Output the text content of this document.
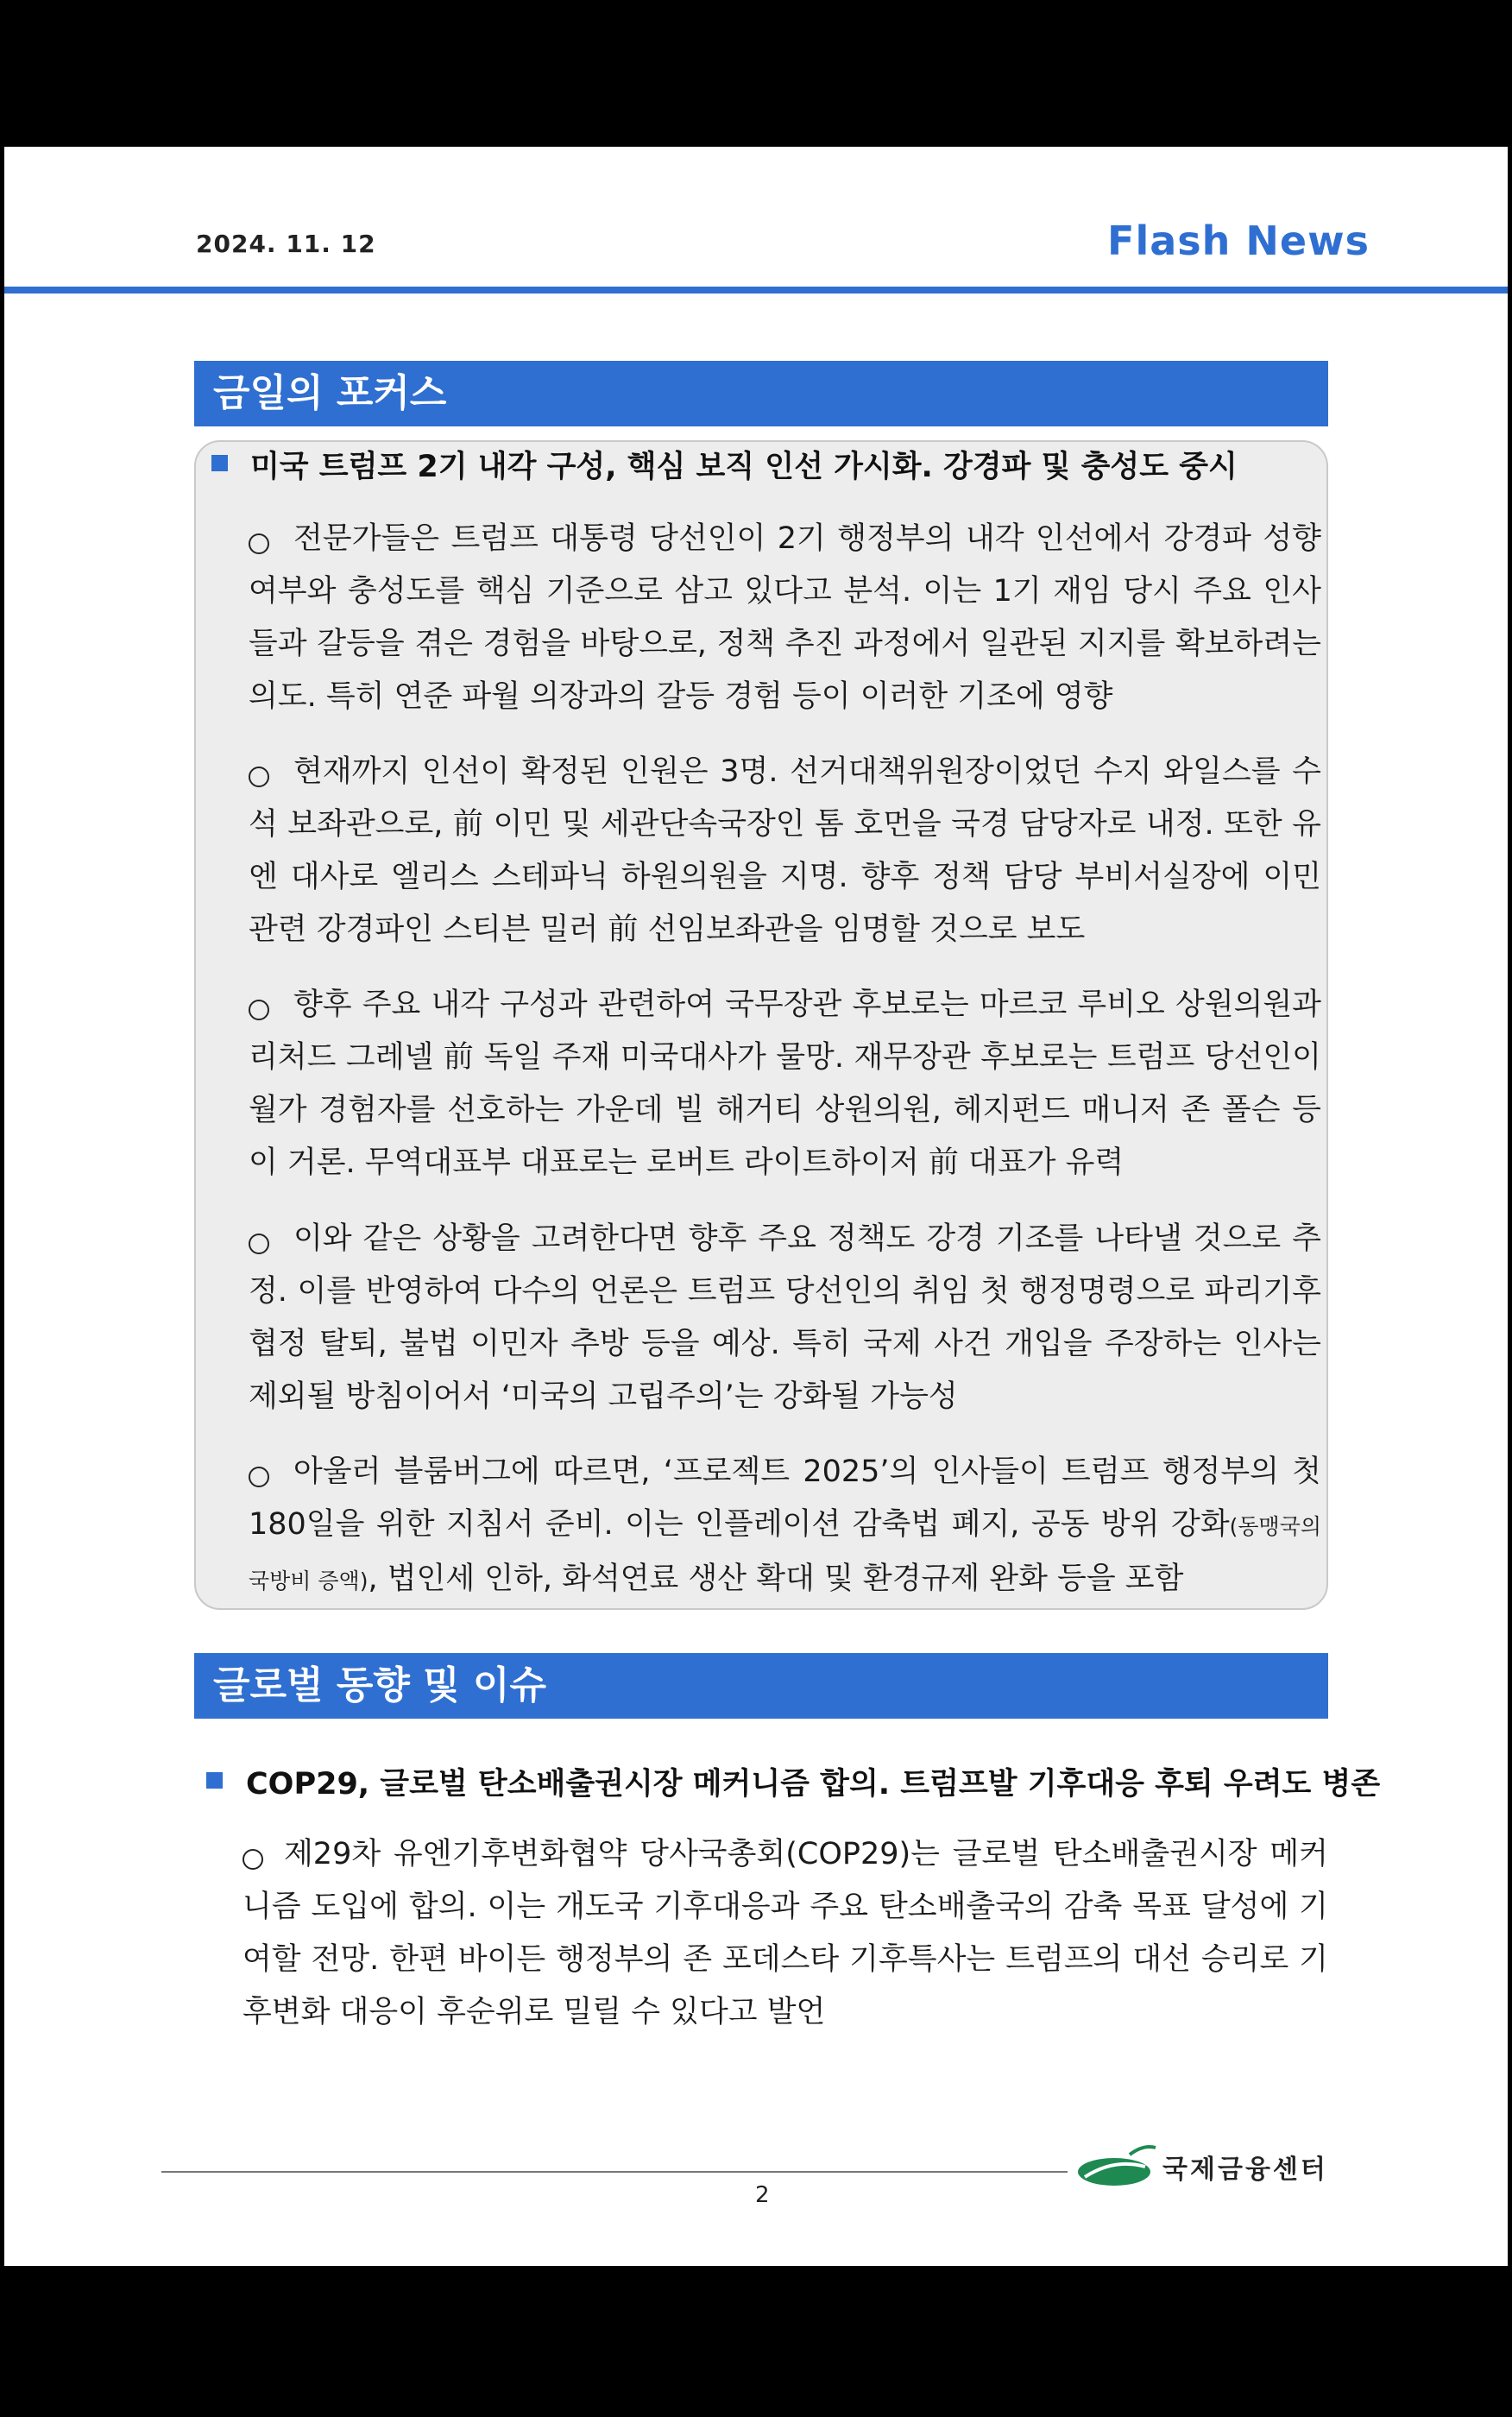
2024. 11. 12	Flash News
금일의 포커스
미국 트럼프 2기 내각 구성, 핵심 보직 인선 가시화. 강경파 및 충성도 중시
전문가들은 트럼프 대통령 당선인이 2기 행정부의 내각 인선에서 강경파 성향 여부와 충성도를 핵심 기준으로 삼고 있다고 분석. 이는 1기 재임 당시 주요 인사들과 갈등을 겪은 경험을 바탕으로, 정책 추진 과정에서 일관된 지지를 확보하려는 의도. 특히 연준 파월 의장과의 갈등 경험 등이 이러한 기조에 영향
현재까지 인선이 확정된 인원은 3명. 선거대책위원장이었던 수지 와일스를 수석 보좌관으로, 前 이민 및 세관단속국장인 톰 호먼을 국경 담당자로 내정. 또한 유엔 대사로 엘리스 스테파닉 하원의원을 지명. 향후 정책 담당 부비서실장에 이민 관련 강경파인 스티븐 밀러 前 선임보좌관을 임명할 것으로 보도
향후 주요 내각 구성과 관련하여 국무장관 후보로는 마르코 루비오 상원의원과 리처드 그레넬 前 독일 주재 미국대사가 물망. 재무장관 후보로는 트럼프 당선인이 월가 경험자를 선호하는 가운데 빌 해거티 상원의원, 헤지펀드 매니저 존 폴슨 등이 거론. 무역대표부 대표로는 로버트 라이트하이저 前 대표가 유력
이와 같은 상황을 고려한다면 향후 주요 정책도 강경 기조를 나타낼 것으로 추정. 이를 반영하여 다수의 언론은 트럼프 당선인의 취임 첫 행정명령으로 파리기후협정 탈퇴, 불법 이민자 추방 등을 예상. 특히 국제 사건 개입을 주장하는 인사는 제외될 방침이어서 ‘미국의 고립주의’는 강화될 가능성
아울러 블룸버그에 따르면, ‘프로젝트 2025’의 인사들이 트럼프 행정부의 첫 180일을 위한 지침서 준비. 이는 인플레이션 감축법 폐지, 공동 방위 강화(동맹국의 국방비 증액), 법인세 인하, 화석연료 생산 확대 및 환경규제 완화 등을 포함
글로벌 동향 및 이슈
COP29, 글로벌 탄소배출권시장 메커니즘 합의. 트럼프발 기후대응 후퇴 우려도 병존
제29차 유엔기후변화협약 당사국총회(COP29)는 글로벌 탄소배출권시장 메커니즘 도입에 합의. 이는 개도국 기후대응과 주요 탄소배출국의 감축 목표 달성에 기여할 전망. 한편 바이든 행정부의 존 포데스타 기후특사는 트럼프의 대선 승리로 기후변화 대응이 후순위로 밀릴 수 있다고 발언
2
국제금융센터
